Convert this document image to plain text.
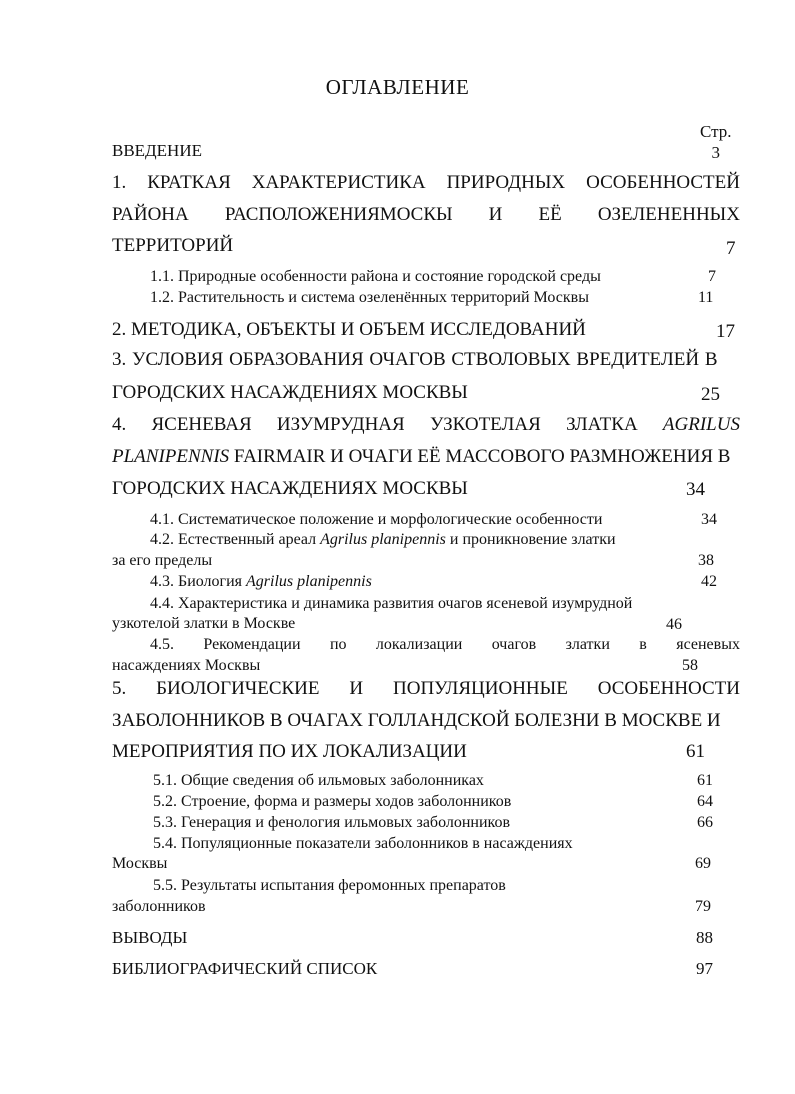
ОГЛАВЛЕНИЕ
Стр.
ВВЕДЕНИЕ	3
1. КРАТКАЯ ХАРАКТЕРИСТИКА ПРИРОДНЫХ ОСОБЕННОСТЕЙ
РАЙОНА РАСПОЛОЖЕНИЯМОСКЫ И ЕЁ ОЗЕЛЕНЕННЫХ
ТЕРРИТОРИЙ	7
1.1. Природные особенности района и состояние городской среды	7
1.2. Растительность и система озеленённых территорий Москвы	11
2. МЕТОДИКА, ОБЪЕКТЫ И ОБЪЕМ ИССЛЕДОВАНИЙ	17
3. УСЛОВИЯ ОБРАЗОВАНИЯ ОЧАГОВ СТВОЛОВЫХ ВРЕДИТЕЛЕЙ В
ГОРОДСКИХ НАСАЖДЕНИЯХ МОСКВЫ	25
4. ЯСЕНЕВАЯ ИЗУМРУДНАЯ УЗКОТЕЛАЯ ЗЛАТКА AGRILUS
PLANIPENNIS FAIRMAIR И ОЧАГИ ЕЁ МАССОВОГО РАЗМНОЖЕНИЯ В
ГОРОДСКИХ НАСАЖДЕНИЯХ МОСКВЫ	34
4.1. Систематическое положение и морфологические особенности	34
4.2. Естественный ареал Agrilus planipennis и проникновение златки
за его пределы	38
4.3. Биология Agrilus planipennis	42
4.4. Характеристика и динамика развития очагов ясеневой изумрудной
узкотелой златки в Москве	46
4.5. Рекомендации по локализации очагов златки в ясеневых
насаждениях Москвы	58
5. БИОЛОГИЧЕСКИЕ И ПОПУЛЯЦИОННЫЕ ОСОБЕННОСТИ
ЗАБОЛОННИКОВ В ОЧАГАХ ГОЛЛАНДСКОЙ БОЛЕЗНИ В МОСКВЕ И
МЕРОПРИЯТИЯ ПО ИХ ЛОКАЛИЗАЦИИ	61
5.1. Общие сведения об ильмовых заболонниках	61
5.2. Строение, форма и размеры ходов заболонников	64
5.3. Генерация и фенология ильмовых заболонников	66
5.4. Популяционные показатели заболонников в насаждениях
Москвы	69
5.5. Результаты испытания феромонных препаратов
заболонников	79
ВЫВОДЫ	88
БИБЛИОГРАФИЧЕСКИЙ СПИСОК	97
